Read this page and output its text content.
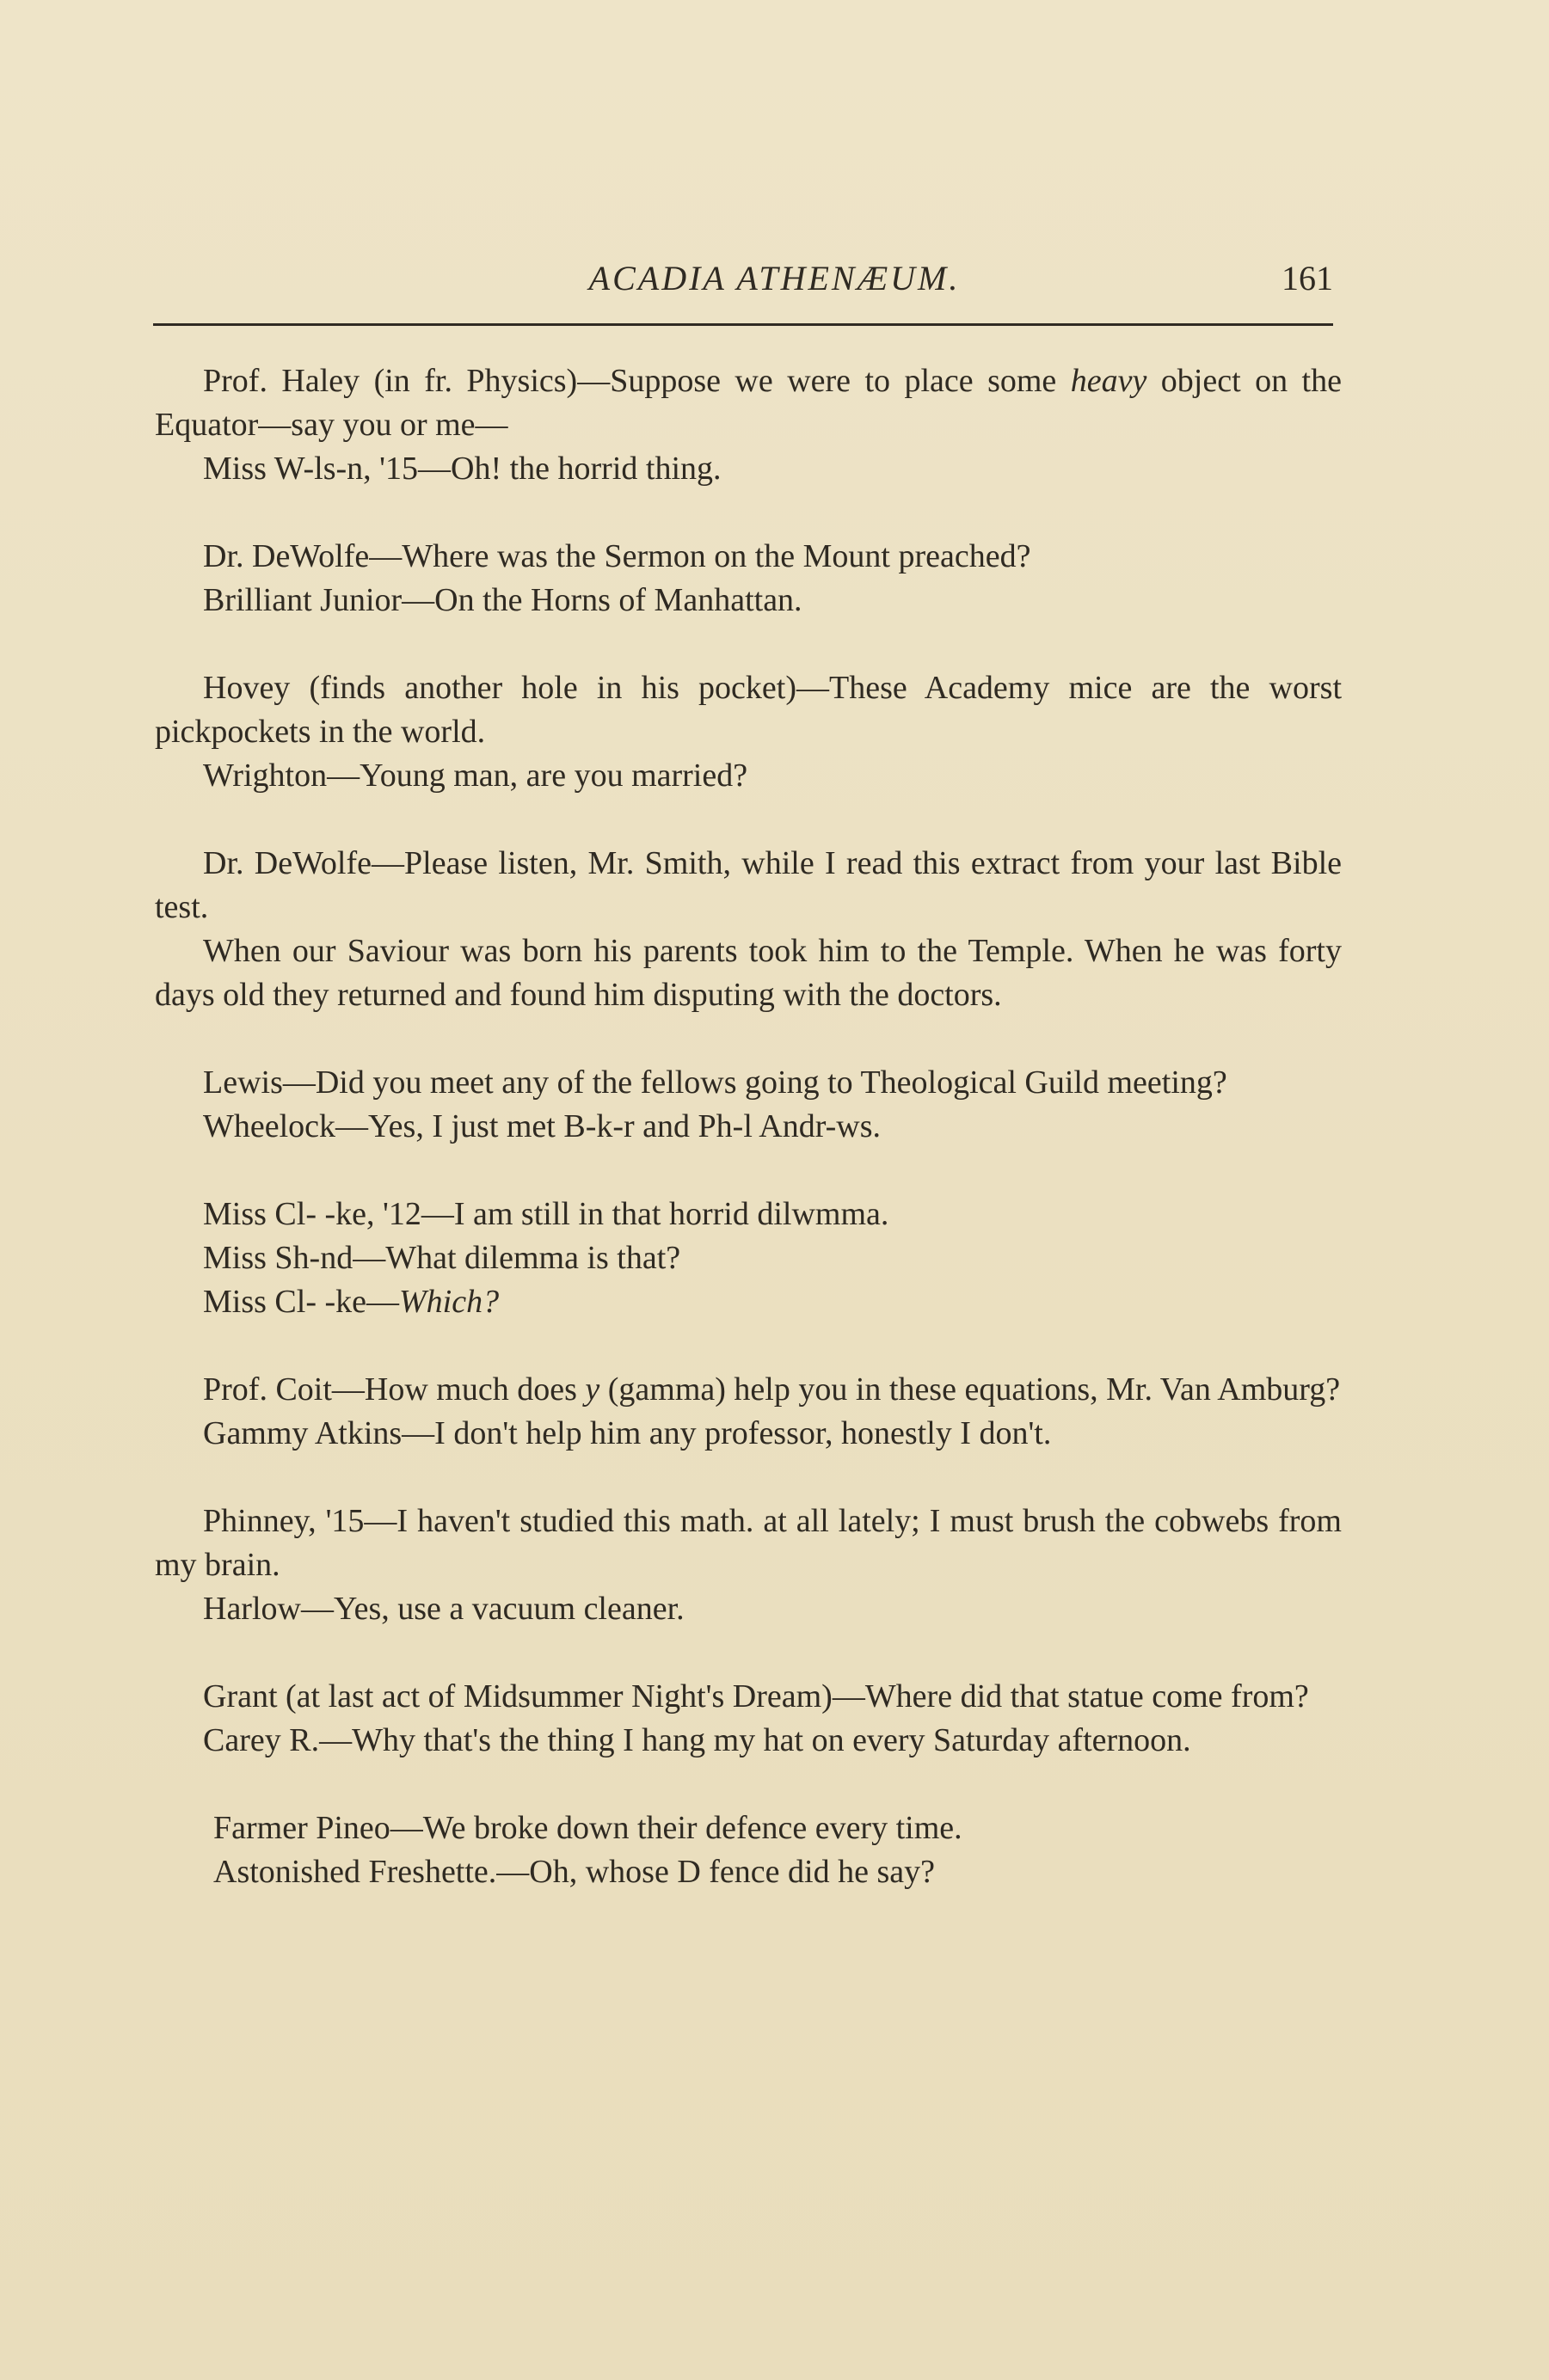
ACADIA ATHENÆUM.	161

Prof. Haley (in fr. Physics)—Suppose we were to place some heavy object on the Equator—say you or me—

Miss W-ls-n, '15—Oh! the horrid thing.

Dr. DeWolfe—Where was the Sermon on the Mount preached?

Brilliant Junior—On the Horns of Manhattan.

Hovey (finds another hole in his pocket)—These Academy mice are the worst pickpockets in the world.

Wrighton—Young man, are you married?

Dr. DeWolfe—Please listen, Mr. Smith, while I read this extract from your last Bible test.

When our Saviour was born his parents took him to the Temple. When he was forty days old they returned and found him disputing with the doctors.

Lewis—Did you meet any of the fellows going to Theological Guild meeting?

Wheelock—Yes, I just met B-k-r and Ph-l Andr-ws.

Miss Cl- -ke, '12—I am still in that horrid dilwmma.

Miss Sh-nd—What dilemma is that?

Miss Cl- -ke—Which?

Prof. Coit—How much does y (gamma) help you in these equations, Mr. Van Amburg?

Gammy Atkins—I don't help him any professor, honestly I don't.

Phinney, '15—I haven't studied this math. at all lately; I must brush the cobwebs from my brain.

Harlow—Yes, use a vacuum cleaner.

Grant (at last act of Midsummer Night's Dream)—Where did that statue come from?

Carey R.—Why that's the thing I hang my hat on every Saturday afternoon.

Farmer Pineo—We broke down their defence every time.

Astonished Freshette.—Oh, whose D fence did he say?
